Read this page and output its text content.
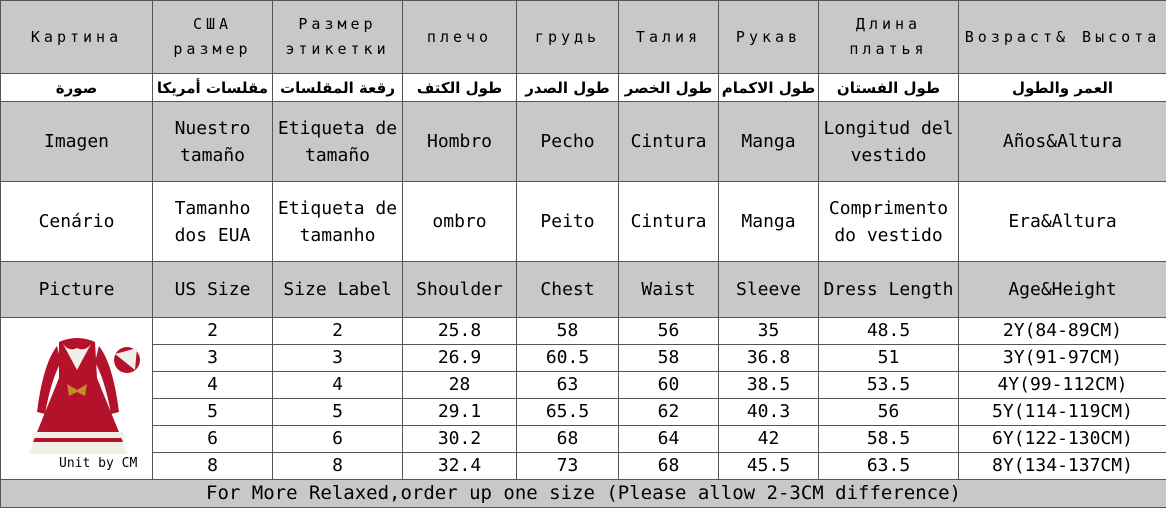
Картина	США размер	Размер этикетки	плечо	грудь	Талия	Рукав	Длина платья	Возраст& Высота
صورة	مقلسات أمريكا	رقعة المقلسات	طول الكتف	طول الصدر	طول الخصر	طول الاكمام	طول الفستان	العمر والطول
Imagen	Nuestro tamaño	Etiqueta de tamaño	Hombro	Pecho	Cintura	Manga	Longitud del vestido	Años&Altura
Cenário	Tamanho dos EUA	Etiqueta de tamanho	ombro	Peito	Cintura	Manga	Comprimento do vestido	Era&Altura
Picture	US Size	Size Label	Shoulder	Chest	Waist	Sleeve	Dress Length	Age&Height

Unit by CM	2	2	25.8	58	56	35	48.5	2Y(84-89CM)
	3	3	26.9	60.5	58	36.8	51	3Y(91-97CM)
	4	4	28	63	60	38.5	53.5	4Y(99-112CM)
	5	5	29.1	65.5	62	40.3	56	5Y(114-119CM)
	6	6	30.2	68	64	42	58.5	6Y(122-130CM)
	8	8	32.4	73	68	45.5	63.5	8Y(134-137CM)
For More Relaxed,order up one size (Please allow 2-3CM difference)								
